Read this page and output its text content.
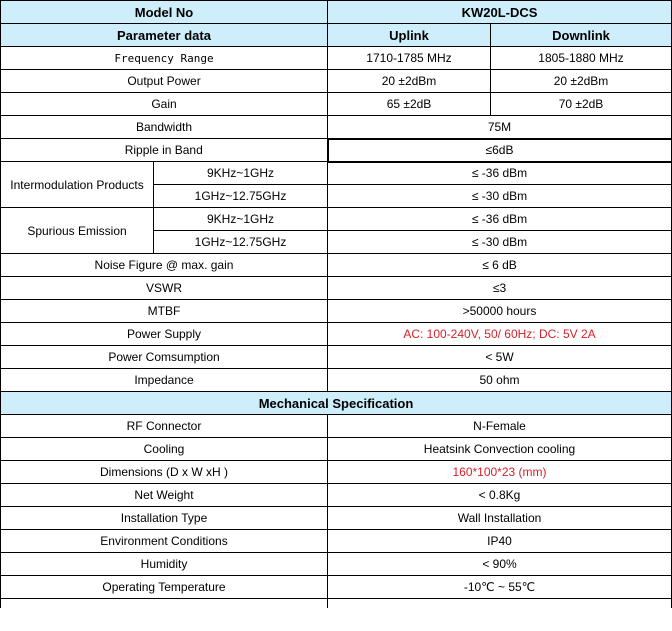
Model No		KW20L-DCS	
Parameter data		Uplink	Downlink
Frequency Range		1710-1785 MHz	1805-1880 MHz
Output Power		20 ±2dBm	20 ±2dBm
Gain		65 ±2dB	70 ±2dB
Bandwidth		75M	
Ripple in Band		≤6dB	
Intermodulation Products	9KHz~1GHz	≤ -36 dBm	
	1GHz~12.75GHz	≤ -30 dBm	
Spurious Emission	9KHz~1GHz	≤ -36 dBm	
	1GHz~12.75GHz	≤ -30 dBm	
Noise Figure @ max. gain		≤ 6 dB	
VSWR		≤3	
MTBF		>50000 hours	
Power Supply		AC: 100-240V, 50/ 60Hz; DC: 5V 2A	
Power Comsumption		< 5W	
Impedance		50 ohm	
Mechanical Specification			
RF Connector		N-Female	
Cooling		Heatsink Convection cooling	
Dimensions (D x W xH )		160*100*23 (mm)	
Net Weight		< 0.8Kg	
Installation Type		Wall Installation	
Environment Conditions		IP40	
Humidity		< 90%	
Operating Temperature		-10℃ ~ 55℃	
